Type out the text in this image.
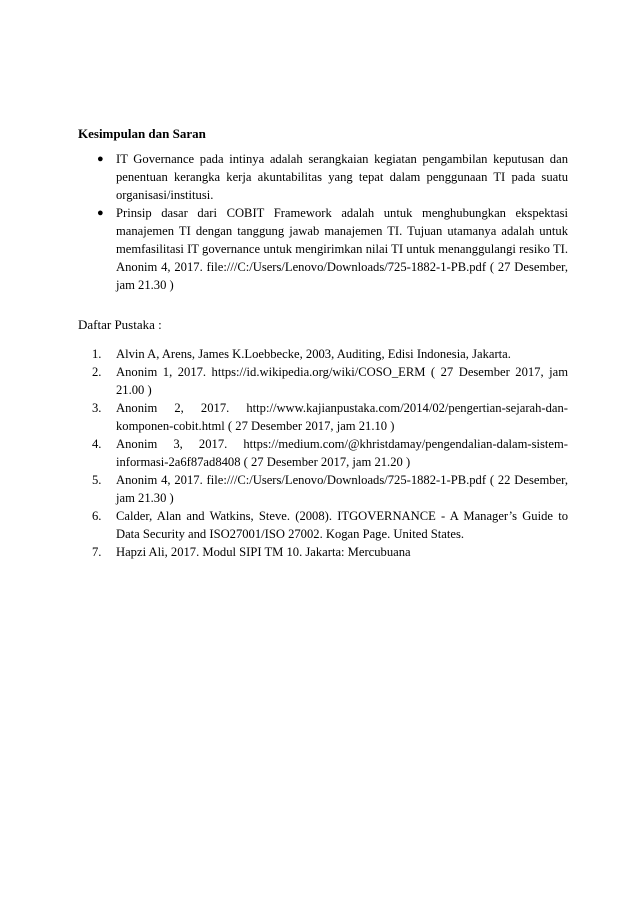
Kesimpulan dan Saran
● IT Governance pada intinya adalah serangkaian kegiatan pengambilan keputusan dan penentuan kerangka kerja akuntabilitas yang tepat dalam penggunaan TI pada suatu organisasi/institusi.
● Prinsip dasar dari COBIT Framework adalah untuk menghubungkan ekspektasi manajemen TI dengan tanggung jawab manajemen TI. Tujuan utamanya adalah untuk memfasilitasi IT governance untuk mengirimkan nilai TI untuk menanggulangi resiko TI. Anonim 4, 2017. file:///C:/Users/Lenovo/Downloads/725-1882-1-PB.pdf ( 27 Desember, jam 21.30 )
Daftar Pustaka :
1. Alvin A, Arens, James K.Loebbecke, 2003, Auditing, Edisi Indonesia, Jakarta.
2. Anonim 1, 2017. https://id.wikipedia.org/wiki/COSO_ERM ( 27 Desember 2017, jam 21.00 )
3. Anonim 2, 2017. http://www.kajianpustaka.com/2014/02/pengertian-sejarah-dan-komponen-cobit.html ( 27 Desember 2017, jam 21.10 )
4. Anonim 3, 2017. https://medium.com/@khristdamay/pengendalian-dalam-sistem-informasi-2a6f87ad8408 ( 27 Desember 2017, jam 21.20 )
5. Anonim 4, 2017. file:///C:/Users/Lenovo/Downloads/725-1882-1-PB.pdf ( 22 Desember, jam 21.30 )
6. Calder, Alan and Watkins, Steve. (2008). ITGOVERNANCE - A Manager’s Guide to Data Security and ISO27001/ISO 27002. Kogan Page. United States.
7. Hapzi Ali, 2017. Modul SIPI TM 10. Jakarta: Mercubuana
